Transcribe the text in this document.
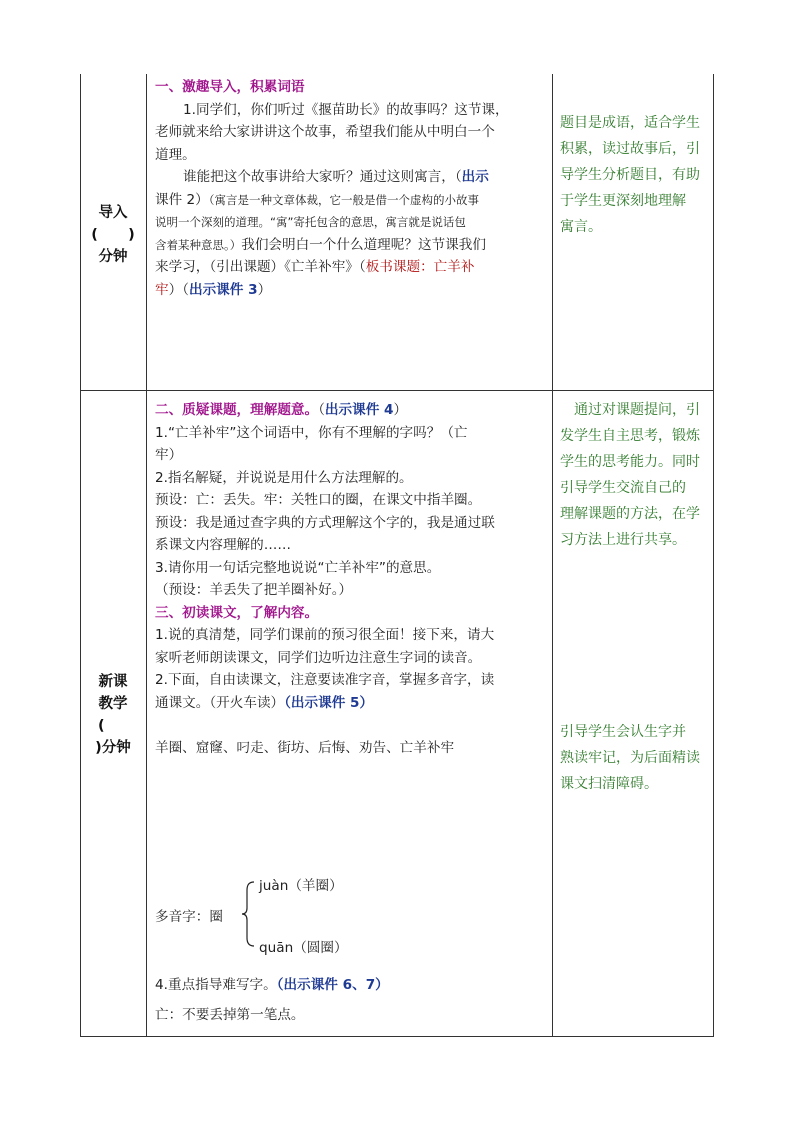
导入
(      )
分钟
新课
教学
(
)分钟

一、激趣导入，积累词语

1.同学们，你们听过《揠苗助长》的故事吗？这节课，

老师就来给大家讲讲这个故事，希望我们能从中明白一个

道理。

谁能把这个故事讲给大家听？通过这则寓言，（出示

课件 2）（寓言是一种文章体裁，它一般是借一个虚构的小故事

说明一个深刻的道理。“寓”寄托包含的意思，寓言就是说话包

含着某种意思。）我们会明白一个什么道理呢？这节课我们

来学习，（引出课题）《亡羊补牢》（板书课题：亡羊补

牢）（出示课件 3）

题目是成语，适合学生
积累，读过故事后，引
导学生分析题目，有助
于学生更深刻地理解
寓言。

二、质疑课题，理解题意。（出示课件 4）

1.“亡羊补牢”这个词语中，你有不理解的字吗？（亡

牢）

2.指名解疑，并说说是用什么方法理解的。

预设：亡：丢失。牢：关牲口的圈，在课文中指羊圈。

预设：我是通过查字典的方式理解这个字的，我是通过联

系课文内容理解的……

3.请你用一句话完整地说说“亡羊补牢”的意思。

（预设：羊丢失了把羊圈补好。）

三、初读课文，了解内容。

1.说的真清楚，同学们课前的预习很全面！接下来，请大

家听老师朗读课文，同学们边听边注意生字词的读音。

2.下面，自由读课文，注意要读准字音，掌握多音字，读

通课文。（开火车读）（出示课件 5）

羊圈、窟窿、叼走、街坊、后悔、劝告、亡羊补牢

juàn（羊圈）
多音字：圈
quān（圆圈）

4.重点指导难写字。（出示课件 6、7）

亡：不要丢掉第一笔点。

通过对课题提问，引
发学生自主思考，锻炼
学生的思考能力。同时
引导学生交流自己的
理解课题的方法，在学
习方法上进行共享。
引导学生会认生字并
熟读牢记，为后面精读
课文扫清障碍。
